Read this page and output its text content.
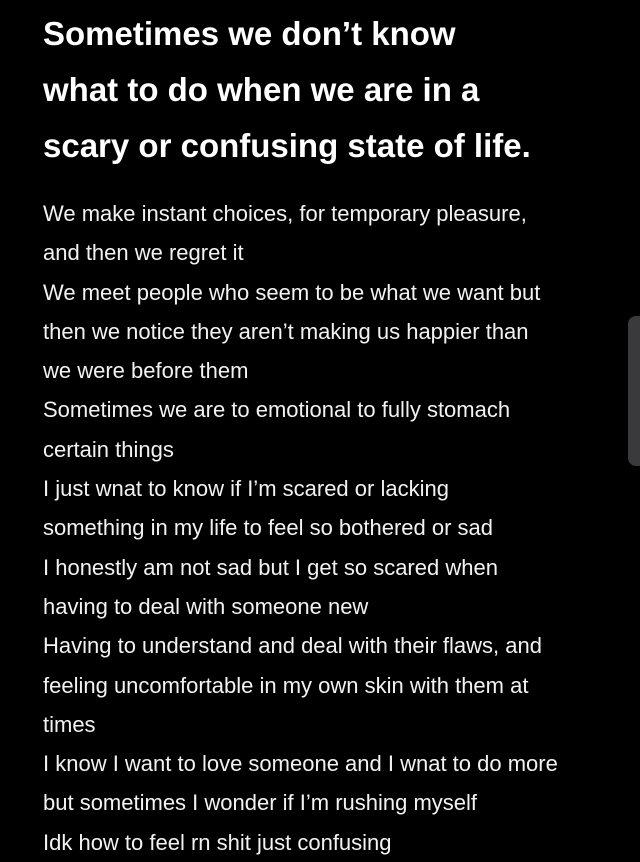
Sometimes we don’t know
what to do when we are in a
scary or confusing state of life.
We make instant choices, for temporary pleasure,
and then we regret it
We meet people who seem to be what we want but
then we notice they aren’t making us happier than
we were before them
Sometimes we are to emotional to fully stomach
certain things
I just wnat to know if I’m scared or lacking
something in my life to feel so bothered or sad
I honestly am not sad but I get so scared when
having to deal with someone new
Having to understand and deal with their flaws, and
feeling uncomfortable in my own skin with them at
times
I know I want to love someone and I wnat to do more
but sometimes I wonder if I’m rushing myself
Idk how to feel rn shit just confusing
